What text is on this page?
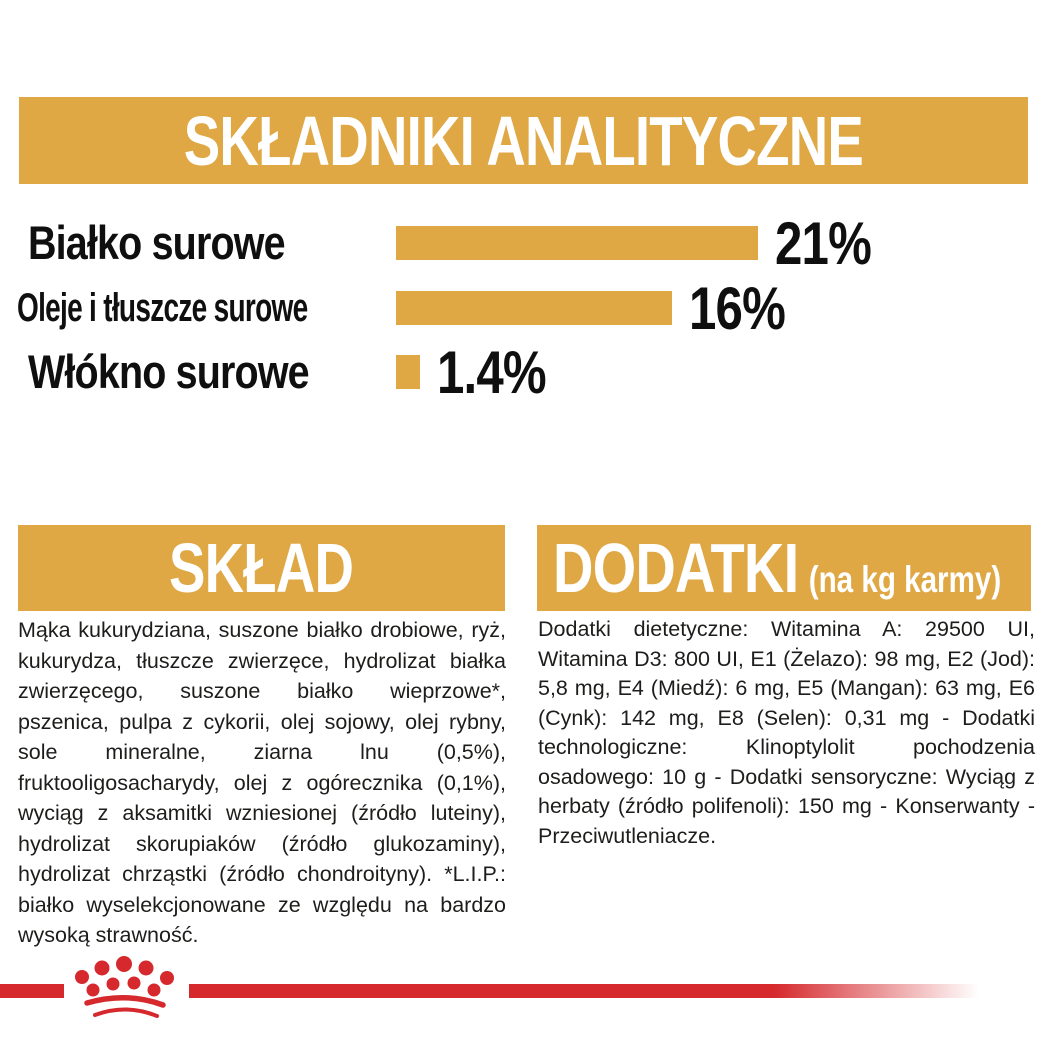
SKŁADNIKI ANALITYCZNE
Białko surowe	21%
Oleje i tłuszcze surowe	16%
Włókno surowe 1.4%
SKŁAD

Mąka kukurydziana, suszone białko drobiowe, ryż, kukurydza, tłuszcze zwierzęce, hydrolizat białka zwierzęcego, suszone białko wieprzowe*, pszenica, pulpa z cykorii, olej sojowy, olej rybny, sole mineralne, ziarna lnu (0,5%), fruktooligosacharydy, olej z ogórecznika (0,1%), wyciąg z aksamitki wzniesionej (źródło luteiny), hydrolizat skorupiaków (źródło glukozaminy), hydrolizat chrząstki (źródło chondroityny). *L.I.P.: białko wyselekcjonowane ze względu na bardzo wysoką strawność.

DODATKI (na kg karmy)

Dodatki dietetyczne: Witamina A: 29500 UI, Witamina D3: 800 UI, E1 (Żelazo): 98 mg, E2 (Jod): 5,8 mg, E4 (Miedź): 6 mg, E5 (Mangan): 63 mg, E6 (Cynk): 142 mg, E8 (Selen): 0,31 mg - Dodatki technologiczne: Klinoptylolit pochodzenia osadowego: 10 g - Dodatki sensoryczne: Wyciąg z herbaty (źródło polifenoli): 150 mg - Konserwanty - Przeciwutleniacze.
